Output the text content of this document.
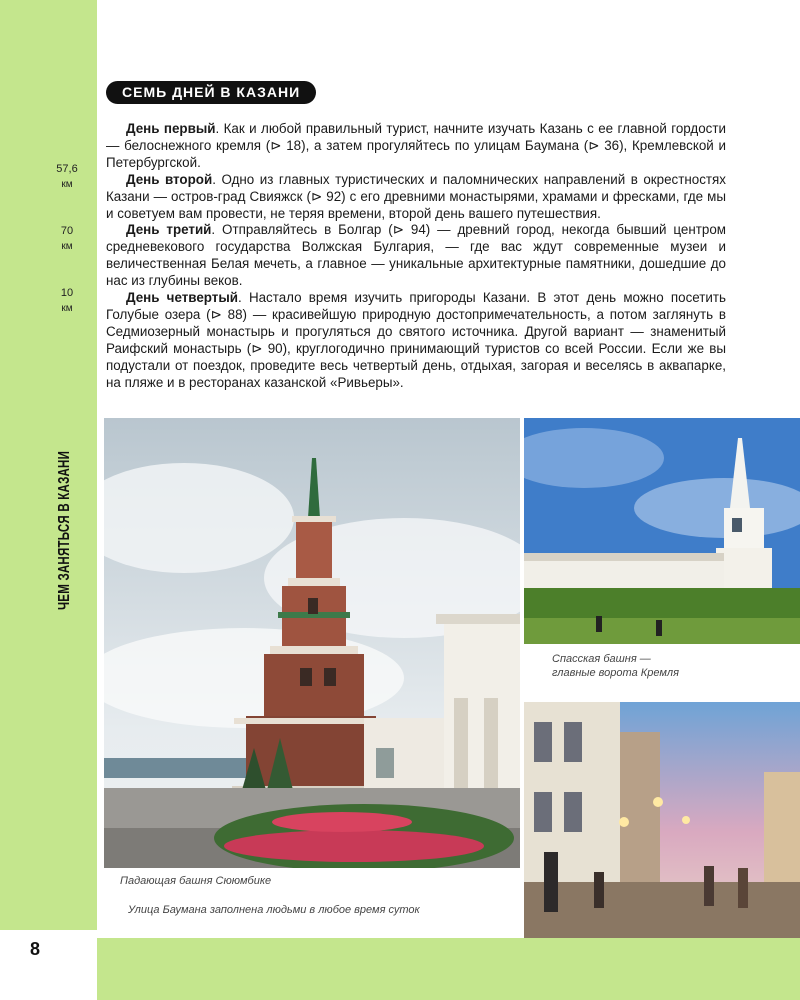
8
57,6
км
70
км
10
км
СЕМЬ ДНЕЙ В КАЗАНИ

День первый. Как и любой правильный турист, начните изучать Казань с ее главной гордости — белоснежного кремля (⊳ 18), а затем прогуляйтесь по улицам Баумана (⊳ 36), Кремлевской и Петербургской.

День второй. Одно из главных туристических и паломнических направлений в окрестностях Казани — остров-град Свияжск (⊳ 92) с его древними монастырями, храмами и фресками, где мы и советуем вам провести, не теряя времени, второй день вашего путешествия.

День третий. Отправляйтесь в Болгар (⊳ 94) — древний город, некогда бывший центром средневекового государства Волжская Булгария, — где вас ждут современные музеи и величественная Белая мечеть, а главное — уникальные архитектурные памятники, дошедшие до нас из глубины веков.

День четвертый. Настало время изучить пригороды Казани. В этот день можно посетить Голубые озера (⊳ 88) — красивейшую природную достопримечательность, а потом заглянуть в Седмиозерный монастырь и прогуляться до святого источника. Другой вариант — знаменитый Раифский монастырь (⊳ 90), круглогодично принимающий туристов со всей России. Если же вы подустали от поездок, проведите весь четвертый день, отдыхая, загорая и веселясь в аквапарке, на пляже и в ресторанах казанской «Ривьеры».

Падающая башня Сююмбике
Улица Баумана заполнена людьми в любое время суток
Спасская башня —
главные ворота Кремля
